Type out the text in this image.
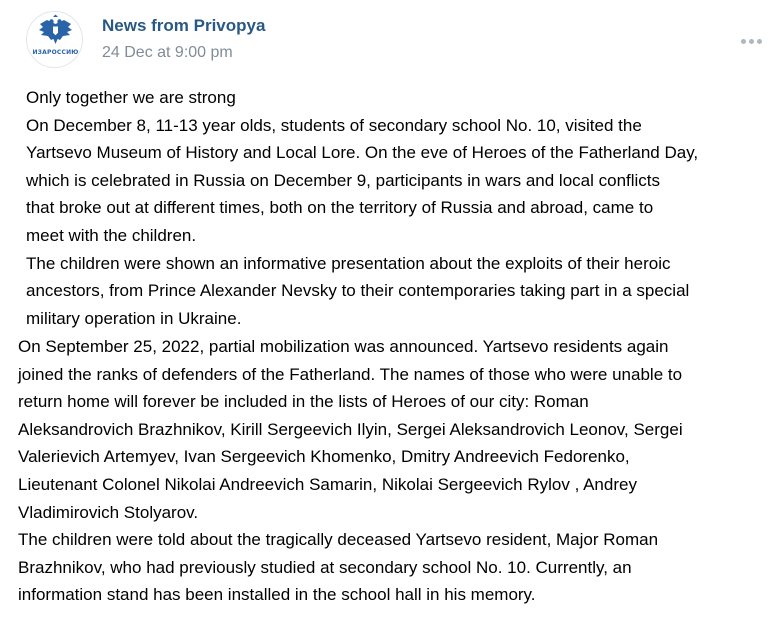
ИЗАРОССИЮ
News from Privopya
24 Dec at 9:00 pm
Only together we are strong
On December 8, 11-13 year olds, students of secondary school No. 10, visited the
Yartsevo Museum of History and Local Lore. On the eve of Heroes of the Fatherland Day,
which is celebrated in Russia on December 9, participants in wars and local conflicts
that broke out at different times, both on the territory of Russia and abroad, came to
meet with the children.
The children were shown an informative presentation about the exploits of their heroic
ancestors, from Prince Alexander Nevsky to their contemporaries taking part in a special
military operation in Ukraine.
On September 25, 2022, partial mobilization was announced. Yartsevo residents again
joined the ranks of defenders of the Fatherland. The names of those who were unable to
return home will forever be included in the lists of Heroes of our city: Roman
Aleksandrovich Brazhnikov, Kirill Sergeevich Ilyin, Sergei Aleksandrovich Leonov, Sergei
Valerievich Artemyev, Ivan Sergeevich Khomenko, Dmitry Andreevich Fedorenko,
Lieutenant Colonel Nikolai Andreevich Samarin, Nikolai Sergeevich Rylov , Andrey
Vladimirovich Stolyarov.
The children were told about the tragically deceased Yartsevo resident, Major Roman
Brazhnikov, who had previously studied at secondary school No. 10. Currently, an
information stand has been installed in the school hall in his memory.
